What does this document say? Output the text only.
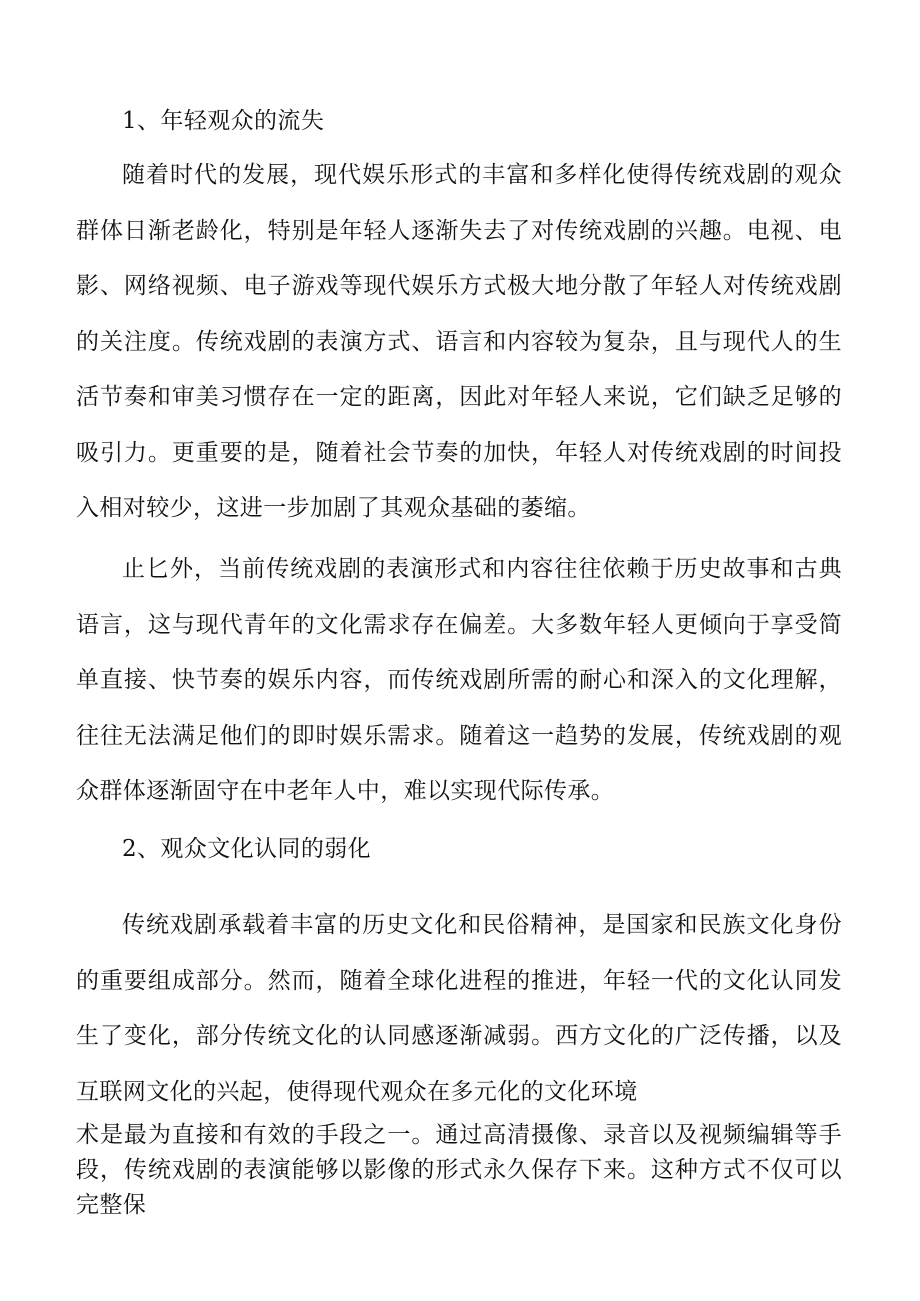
1、年轻观众的流失

随着时代的发展，现代娱乐形式的丰富和多样化使得传统戏剧的观众群体日渐老龄化，特别是年轻人逐渐失去了对传统戏剧的兴趣。电视、电影、网络视频、电子游戏等现代娱乐方式极大地分散了年轻人对传统戏剧的关注度。传统戏剧的表演方式、语言和内容较为复杂，且与现代人的生活节奏和审美习惯存在一定的距离，因此对年轻人来说，它们缺乏足够的吸引力。更重要的是，随着社会节奏的加快，年轻人对传统戏剧的时间投入相对较少，这进一步加剧了其观众基础的萎缩。

止匕外，当前传统戏剧的表演形式和内容往往依赖于历史故事和古典语言，这与现代青年的文化需求存在偏差。大多数年轻人更倾向于享受简单直接、快节奏的娱乐内容，而传统戏剧所需的耐心和深入的文化理解，往往无法满足他们的即时娱乐需求。随着这一趋势的发展，传统戏剧的观众群体逐渐固守在中老年人中，难以实现代际传承。

2、观众文化认同的弱化

传统戏剧承载着丰富的历史文化和民俗精神，是国家和民族文化身份的重要组成部分。然而，随着全球化进程的推进，年轻一代的文化认同发生了变化，部分传统文化的认同感逐渐减弱。西方文化的广泛传播，以及互联网文化的兴起，使得现代观众在多元化的文化环境

术是最为直接和有效的手段之一。通过高清摄像、录音以及视频编辑等手段，传统戏剧的表演能够以影像的形式永久保存下来。这种方式不仅可以完整保
